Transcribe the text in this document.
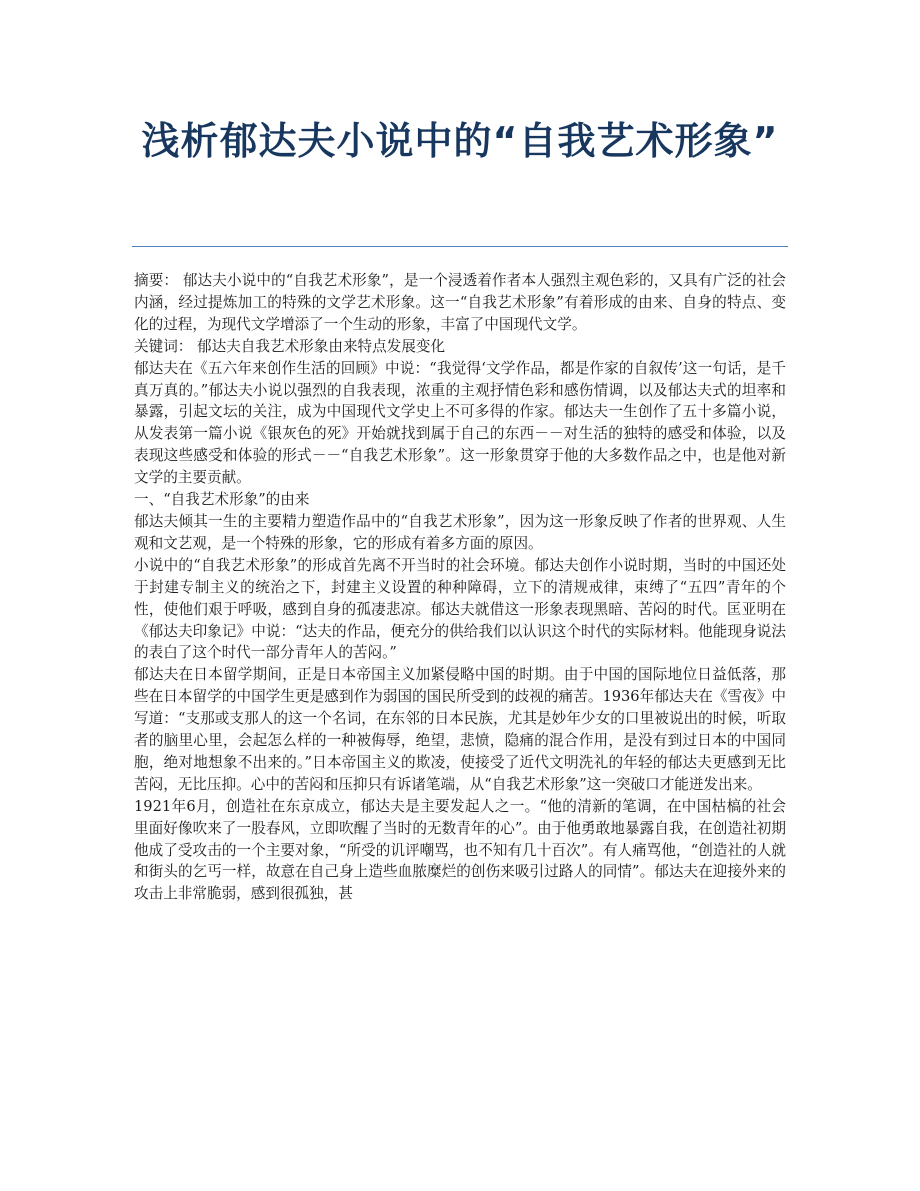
浅析郁达夫小说中的“自我艺术形象”

摘要： 郁达夫小说中的“自我艺术形象”，是一个浸透着作者本人强烈主观色彩的，又具有广泛的社会内涵，经过提炼加工的特殊的文学艺术形象。这一“自我艺术形象”有着形成的由来、自身的特点、变化的过程，为现代文学增添了一个生动的形象，丰富了中国现代文学。

关键词： 郁达夫自我艺术形象由来特点发展变化

郁达夫在《五六年来创作生活的回顾》中说：“我觉得‘文学作品，都是作家的自叙传’这一句话，是千真万真的。”郁达夫小说以强烈的自我表现，浓重的主观抒情色彩和感伤情调，以及郁达夫式的坦率和暴露，引起文坛的关注，成为中国现代文学史上不可多得的作家。郁达夫一生创作了五十多篇小说，从发表第一篇小说《银灰色的死》开始就找到属于自己的东西－－对生活的独特的感受和体验，以及表现这些感受和体验的形式－－“自我艺术形象”。这一形象贯穿于他的大多数作品之中，也是他对新文学的主要贡献。

一、“自我艺术形象”的由来

郁达夫倾其一生的主要精力塑造作品中的“自我艺术形象”，因为这一形象反映了作者的世界观、人生观和文艺观，是一个特殊的形象，它的形成有着多方面的原因。

小说中的“自我艺术形象”的形成首先离不开当时的社会环境。郁达夫创作小说时期，当时的中国还处于封建专制主义的统治之下，封建主义设置的种种障碍，立下的清规戒律，束缚了“五四”青年的个性，使他们艰于呼吸，感到自身的孤凄悲凉。郁达夫就借这一形象表现黑暗、苦闷的时代。匡亚明在《郁达夫印象记》中说：“达夫的作品，便充分的供给我们以认识这个时代的实际材料。他能现身说法的表白了这个时代一部分青年人的苦闷。”

郁达夫在日本留学期间，正是日本帝国主义加紧侵略中国的时期。由于中国的国际地位日益低落，那些在日本留学的中国学生更是感到作为弱国的国民所受到的歧视的痛苦。1936年郁达夫在《雪夜》中写道：“支那或支那人的这一个名词，在东邻的日本民族，尤其是妙年少女的口里被说出的时候，听取者的脑里心里，会起怎么样的一种被侮辱，绝望，悲愤，隐痛的混合作用，是没有到过日本的中国同胞，绝对地想象不出来的。”日本帝国主义的欺凌，使接受了近代文明洗礼的年轻的郁达夫更感到无比苦闷，无比压抑。心中的苦闷和压抑只有诉诸笔端，从“自我艺术形象”这一突破口才能迸发出来。

1921年6月，创造社在东京成立，郁达夫是主要发起人之一。“他的清新的笔调，在中国枯槁的社会里面好像吹来了一股春风，立即吹醒了当时的无数青年的心”。由于他勇敢地暴露自我，在创造社初期他成了受攻击的一个主要对象，“所受的讥评嘲骂，也不知有几十百次”。有人痛骂他，“创造社的人就和街头的乞丐一样，故意在自己身上造些血脓糜烂的创伤来吸引过路人的同情”。郁达夫在迎接外来的攻击上非常脆弱，感到很孤独，甚
